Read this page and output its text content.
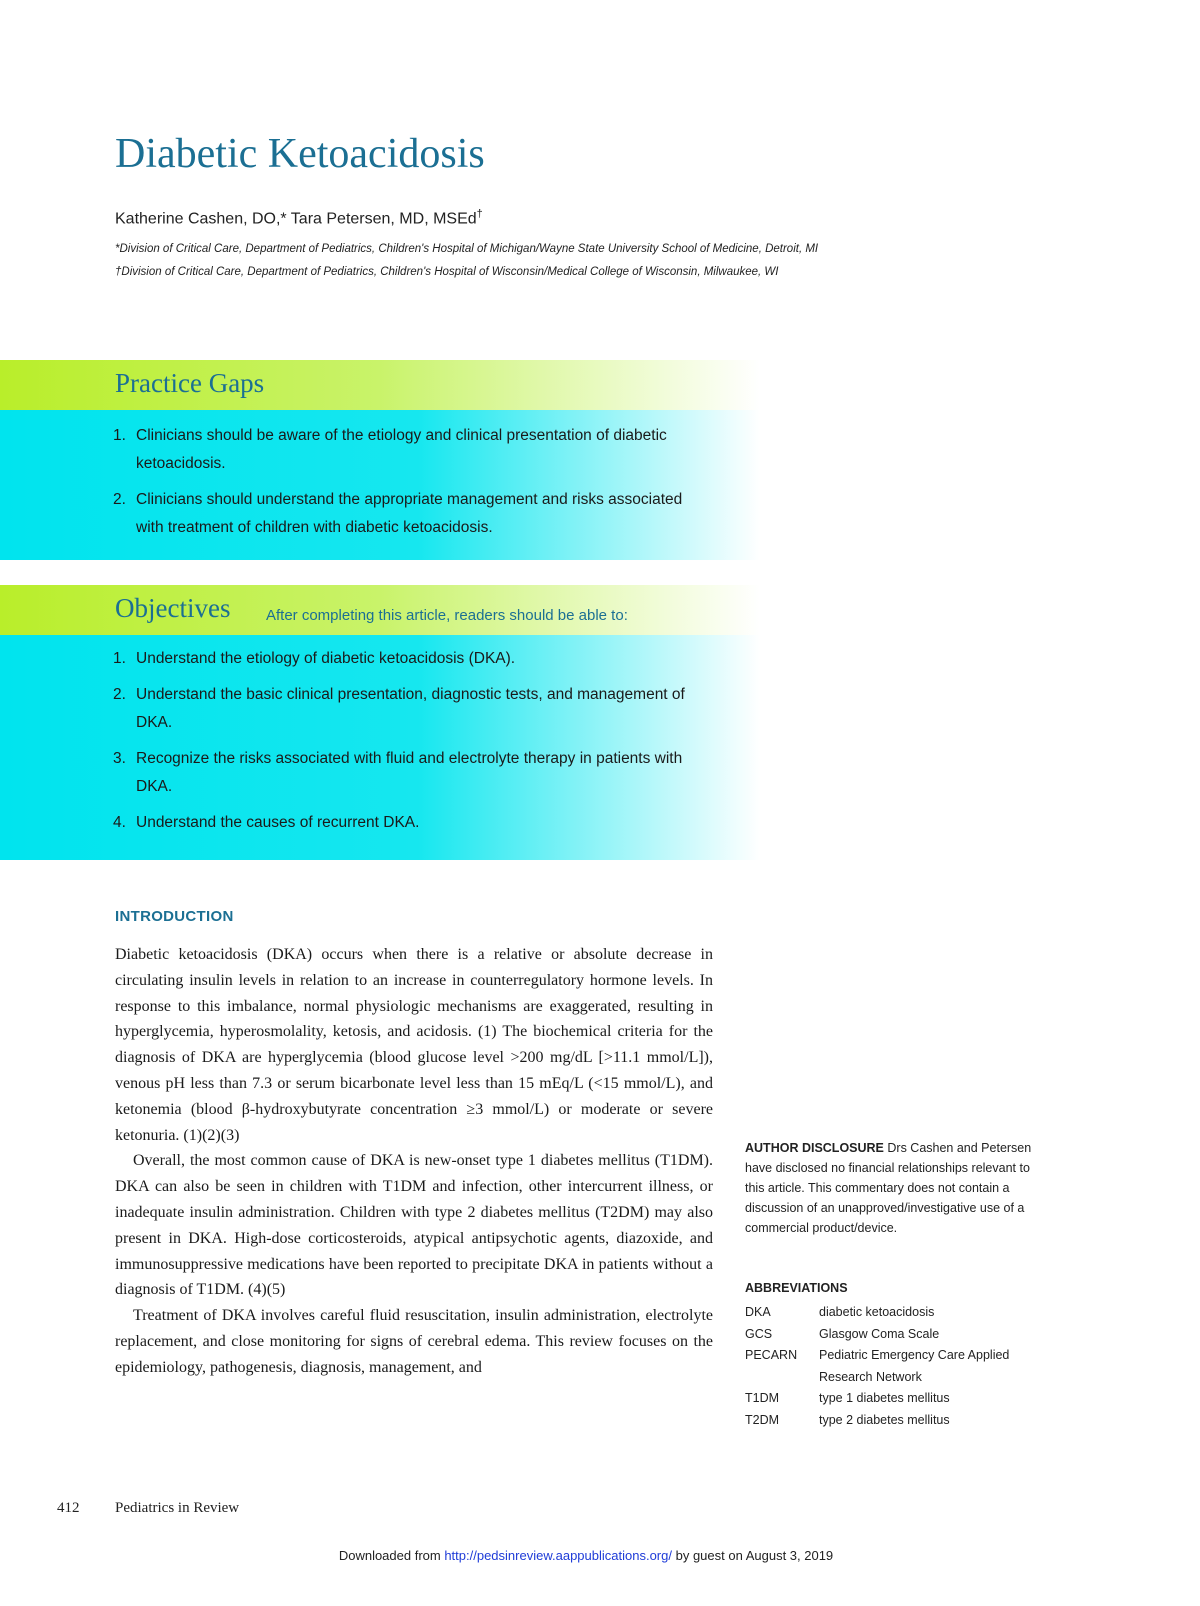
Diabetic Ketoacidosis
Katherine Cashen, DO,* Tara Petersen, MD, MSEd†
*Division of Critical Care, Department of Pediatrics, Children's Hospital of Michigan/Wayne State University School of Medicine, Detroit, MI
†Division of Critical Care, Department of Pediatrics, Children's Hospital of Wisconsin/Medical College of Wisconsin, Milwaukee, WI
Practice Gaps
1. Clinicians should be aware of the etiology and clinical presentation of diabetic ketoacidosis.
2. Clinicians should understand the appropriate management and risks associated with treatment of children with diabetic ketoacidosis.
Objectives After completing this article, readers should be able to:
1. Understand the etiology of diabetic ketoacidosis (DKA).
2. Understand the basic clinical presentation, diagnostic tests, and management of DKA.
3. Recognize the risks associated with fluid and electrolyte therapy in patients with DKA.
4. Understand the causes of recurrent DKA.
INTRODUCTION

Diabetic ketoacidosis (DKA) occurs when there is a relative or absolute decrease in circulating insulin levels in relation to an increase in counterregulatory hormone levels. In response to this imbalance, normal physiologic mechanisms are exaggerated, resulting in hyperglycemia, hyperosmolality, ketosis, and acidosis. (1) The biochemical criteria for the diagnosis of DKA are hyperglycemia (blood glucose level >200 mg/dL [>11.1 mmol/L]), venous pH less than 7.3 or serum bicarbonate level less than 15 mEq/L (<15 mmol/L), and ketonemia (blood β-hydroxybutyrate concentration ≥3 mmol/L) or moderate or severe ketonuria. (1)(2)(3)

Overall, the most common cause of DKA is new-onset type 1 diabetes mellitus (T1DM). DKA can also be seen in children with T1DM and infection, other intercurrent illness, or inadequate insulin administration. Children with type 2 diabetes mellitus (T2DM) may also present in DKA. High-dose corticosteroids, atypical antipsychotic agents, diazoxide, and immunosuppressive medications have been reported to precipitate DKA in patients without a diagnosis of T1DM. (4)(5)

Treatment of DKA involves careful fluid resuscitation, insulin administration, electrolyte replacement, and close monitoring for signs of cerebral edema. This review focuses on the epidemiology, pathogenesis, diagnosis, management, and

AUTHOR DISCLOSURE Drs Cashen and Petersen have disclosed no financial relationships relevant to this article. This commentary does not contain a discussion of an unapproved/investigative use of a commercial product/device.
ABBREVIATIONS
DKA	diabetic ketoacidosis
GCS	Glasgow Coma Scale
PECARN	Pediatric Emergency Care Applied Research Network
T1DM	type 1 diabetes mellitus
T2DM	type 2 diabetes mellitus
412 Pediatrics in Review
Downloaded from http://pedsinreview.aappublications.org/ by guest on August 3, 2019
